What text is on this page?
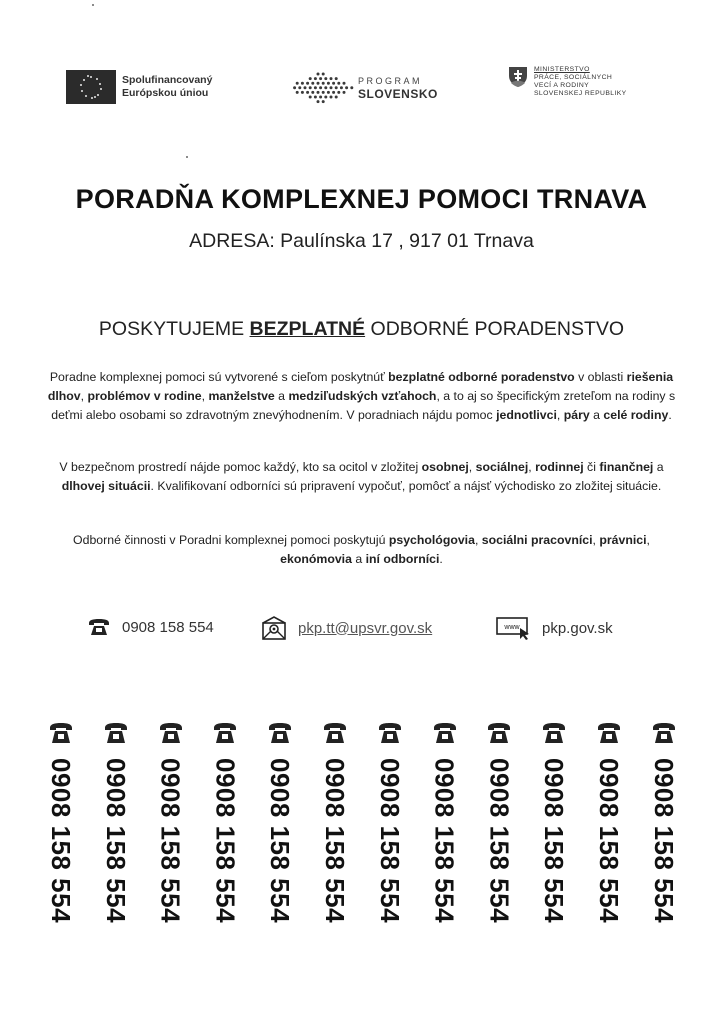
Spolufinancovaný
Európskou úniou
PROGRAM
SLOVENSKO
MINISTERSTVO
PRÁCE, SOCIÁLNYCH
VECÍ A RODINY
SLOVENSKEJ REPUBLIKY
PORADŇA KOMPLEXNEJ POMOCI TRNAVA
ADRESA: Paulínska 17 , 917 01 Trnava
POSKYTUJEME BEZPLATNÉ ODBORNÉ PORADENSTVO

Poradne komplexnej pomoci sú vytvorené s cieľom poskytnúť bezplatné odborné poradenstvo v oblasti riešenia dlhov, problémov v rodine, manželstve a medziľudských vzťahoch, a to aj so špecifickým zreteľom na rodiny s deťmi alebo osobami so zdravotným znevýhodnením. V poradniach nájdu pomoc jednotlivci, páry a celé rodiny.

V bezpečnom prostredí nájde pomoc každý, kto sa ocitol v zložitej osobnej, sociálnej, rodinnej či finančnej a dlhovej situácii. Kvalifikovaní odborníci sú pripravení vypočuť, pomôcť a nájsť východisko zo zložitej situácie.

Odborné činnosti v Poradni komplexnej pomoci poskytujú psychológovia, sociálni pracovníci, právnici, ekonómovia a iní odborníci.

0908 158 554	pkp.tt@upsvr.gov.sk	www pkp.gov.sk
0908 158 554 0908 158 554 0908 158 554 0908 158 554 0908 158 554 0908 158 554 0908 158 554 0908 158 554 0908 158 554 0908 158 554 0908 158 554 0908 158 554
